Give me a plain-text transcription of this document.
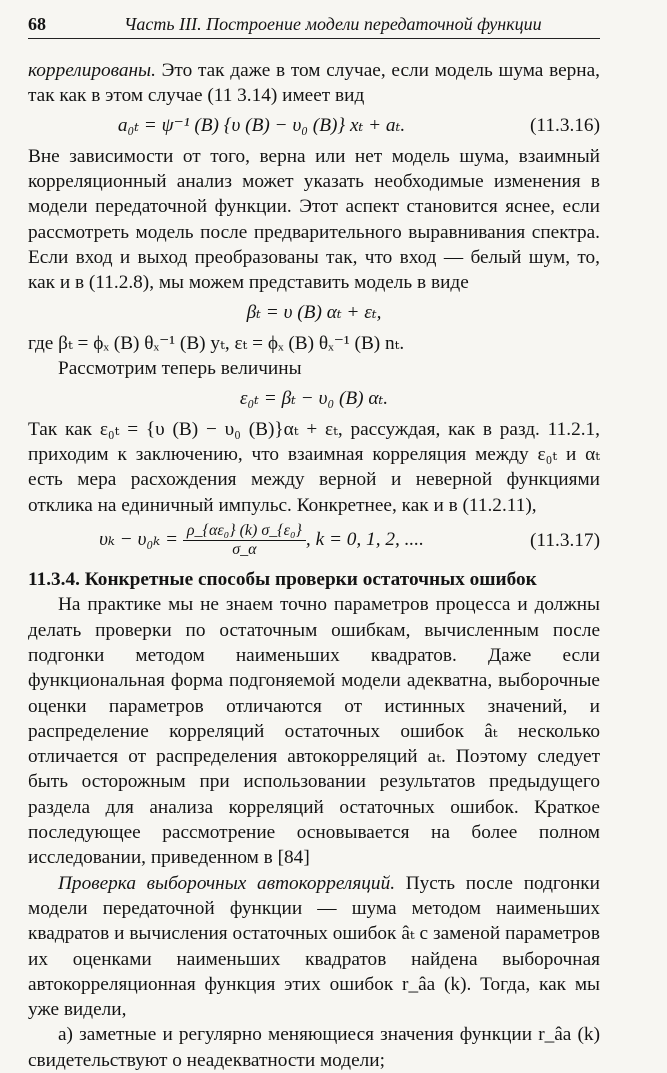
68	Часть III. Построение модели передаточной функции

коррелированы. Это так даже в том случае, если модель шума верна, так как в этом случае (11 3.14) имеет вид

a₀ₜ = ψ⁻¹ (B) {υ (B) − υ₀ (B)} xₜ + aₜ.	(11.3.16)

Вне зависимости от того, верна или нет модель шума, взаимный корреляционный анализ может указать необходимые изменения в модели передаточной функции. Этот аспект становится яснее, если рассмотреть модель после предварительного выравнивания спектра. Если вход и выход преобразованы так, что вход — белый шум, то, как и в (11.2.8), мы можем представить модель в виде

βₜ = υ (B) αₜ + εₜ,

где βₜ = ϕₓ (B) θₓ⁻¹ (B) yₜ, εₜ = ϕₓ (B) θₓ⁻¹ (B) nₜ.

Рассмотрим теперь величины

ε₀ₜ = βₜ − υ₀ (B) αₜ.

Так как ε₀ₜ = {υ (B) − υ₀ (B)}αₜ + εₜ, рассуждая, как в разд. 11.2.1, приходим к заключению, что взаимная корреляция между ε₀ₜ и αₜ есть мера расхождения между верной и неверной функциями отклика на единичный импульс. Конкретнее, как и в (11.2.11),

$\upsilon_k - \upsilon_{0k} = \frac{\text{ρ\_\{αε₀\} (k) σ\_\{ε₀\}}}{\sigma\_\alpha}$ , k = 0, 1, 2, ....	(11.3.17)

11.3.4. Конкретные способы проверки остаточных ошибок

На практике мы не знаем точно параметров процесса и должны делать проверки по остаточным ошибкам, вычисленным после подгонки методом наименьших квадратов. Даже если функциональная форма подгоняемой модели адекватна, выборочные оценки параметров отличаются от истинных значений, и распределение корреляций остаточных ошибок âₜ несколько отличается от распределения автокорреляций aₜ. Поэтому следует быть осторожным при использовании результатов предыдущего раздела для анализа корреляций остаточных ошибок. Краткое последующее рассмотрение основывается на более полном исследовании, приведенном в [84]

Проверка выборочных автокорреляций. Пусть после подгонки модели передаточной функции — шума методом наименьших квадратов и вычисления остаточных ошибок âₜ с заменой параметров их оценками наименьших квадратов найдена выборочная автокорреляционная функция этих ошибок r_âa (k). Тогда, как мы уже видели,

а) заметные и регулярно меняющиеся значения функции r_âa (k) свидетельствуют о неадекватности модели;
